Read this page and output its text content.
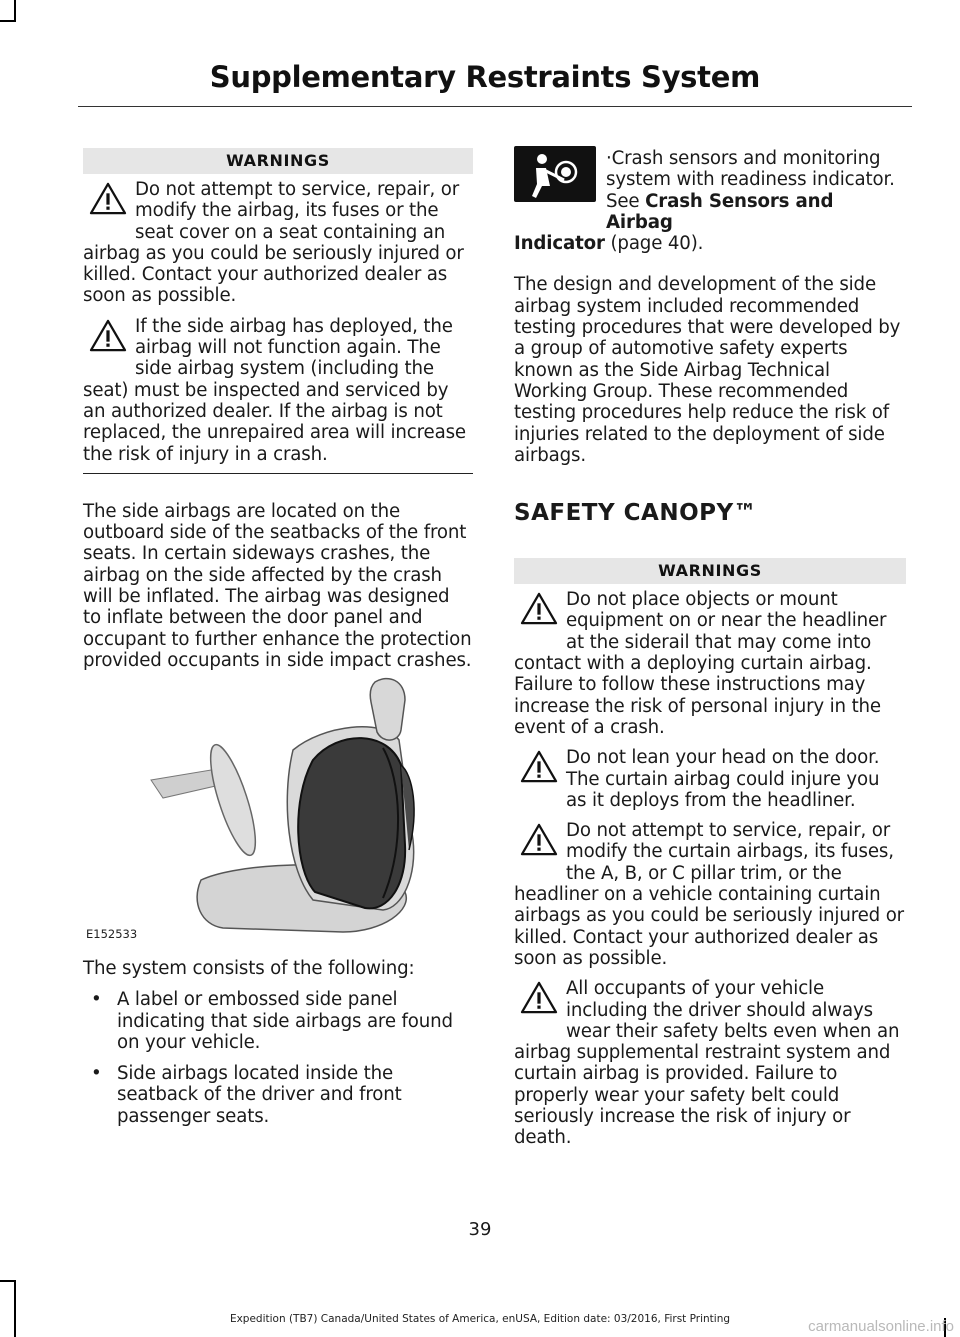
Supplementary Restraints System
WARNINGS
Do not attempt to service, repair, or
modify the airbag, its fuses or the
seat cover on a seat containing an

airbag as you could be seriously injured or killed. Contact your authorized dealer as soon as possible.

If the side airbag has deployed, the
airbag will not function again. The
side airbag system (including the

seat) must be inspected and serviced by an authorized dealer. If the airbag is not replaced, the unrepaired area will increase the risk of injury in a crash.

The side airbags are located on the outboard side of the seatbacks of the front seats. In certain sideways crashes, the airbag on the side affected by the crash will be inflated. The airbag was designed to inflate between the door panel and occupant to further enhance the protection provided occupants in side impact crashes.

E152533

The system consists of the following:

• A label or embossed side panel indicating that side airbags are found on your vehicle.
• Side airbags located inside the seatback of the driver and front passenger seats.
·Crash sensors and monitoring
system with readiness indicator.

See Crash Sensors and Airbag

Indicator (page 40).

The design and development of the side airbag system included recommended testing procedures that were developed by a group of automotive safety experts known as the Side Airbag Technical Working Group. These recommended testing procedures help reduce the risk of injuries related to the deployment of side airbags.

SAFETY CANOPY™
WARNINGS
Do not place objects or mount
equipment on or near the headliner
at the siderail that may come into

contact with a deploying curtain airbag. Failure to follow these instructions may increase the risk of personal injury in the event of a crash.

Do not lean your head on the door.
The curtain airbag could injure you
as it deploys from the headliner.
Do not attempt to service, repair, or
modify the curtain airbags, its fuses,
the A, B, or C pillar trim, or the

headliner on a vehicle containing curtain airbags as you could be seriously injured or killed. Contact your authorized dealer as soon as possible.

All occupants of your vehicle
including the driver should always
wear their safety belts even when an

airbag supplemental restraint system and curtain airbag is provided. Failure to properly wear your safety belt could seriously increase the risk of injury or death.

39
Expedition (TB7) Canada/United States of America, enUSA, Edition date: 03/2016, First Printing	carmanualsonline.info
